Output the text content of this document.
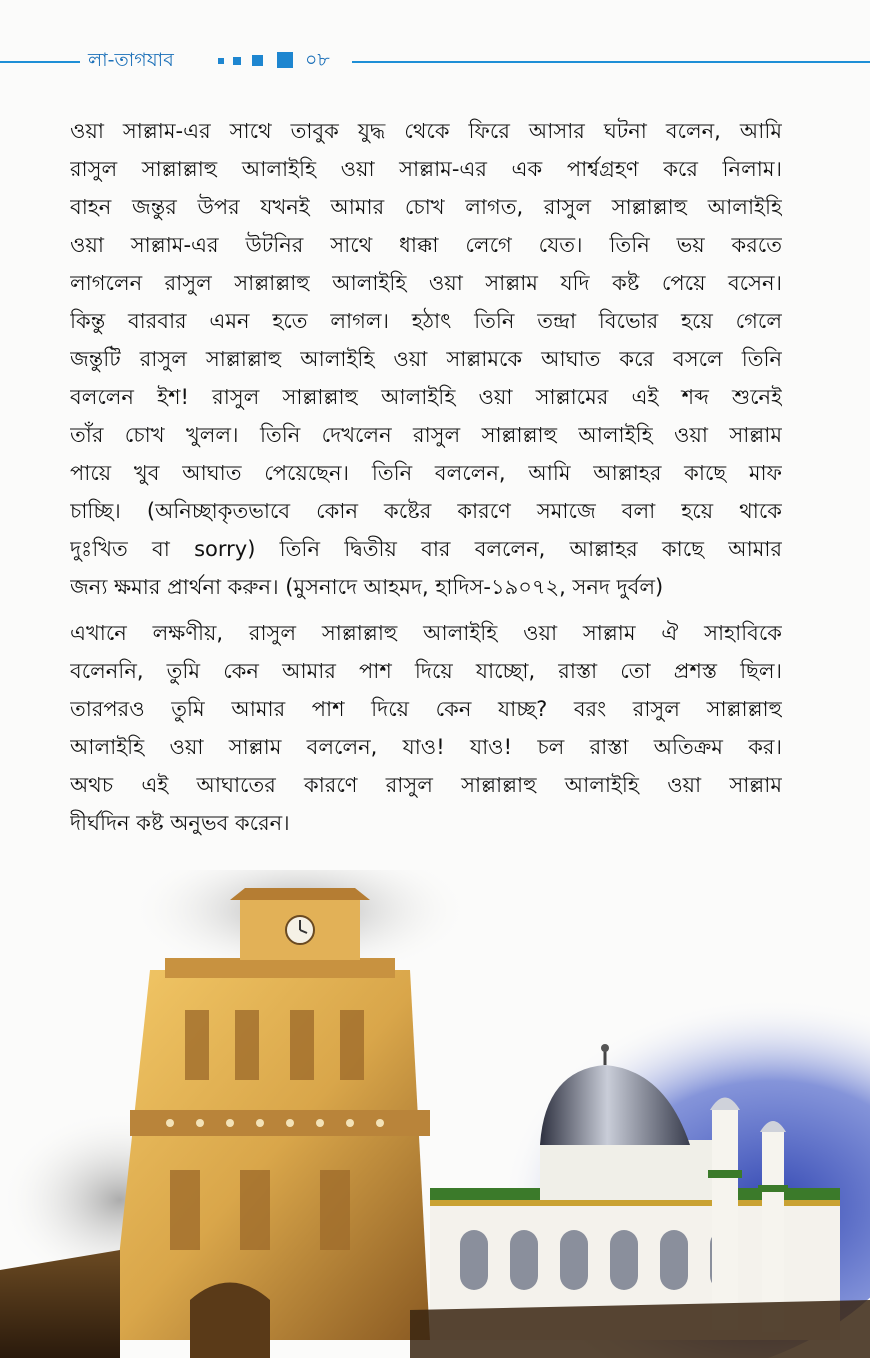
লা-তাগযাব	০৮
ওয়া সাল্লাম-এর সাথে তাবুক যুদ্ধ থেকে ফিরে আসার ঘটনা বলেন, আমি
রাসুল সাল্লাল্লাহু আলাইহি ওয়া সাল্লাম-এর এক পার্শ্বগ্রহণ করে নিলাম।
বাহন জন্তুর উপর যখনই আমার চোখ লাগত, রাসুল সাল্লাল্লাহু আলাইহি
ওয়া সাল্লাম-এর উটনির সাথে ধাক্কা লেগে যেত। তিনি ভয় করতে
লাগলেন রাসুল সাল্লাল্লাহু আলাইহি ওয়া সাল্লাম যদি কষ্ট পেয়ে বসেন।
কিন্তু বারবার এমন হতে লাগল। হঠাৎ তিনি তন্দ্রা বিভোর হয়ে গেলে
জন্তুটি রাসুল সাল্লাল্লাহু আলাইহি ওয়া সাল্লামকে আঘাত করে বসলে তিনি
বললেন ইশ! রাসুল সাল্লাল্লাহু আলাইহি ওয়া সাল্লামের এই শব্দ শুনেই
তাঁর চোখ খুলল। তিনি দেখলেন রাসুল সাল্লাল্লাহু আলাইহি ওয়া সাল্লাম
পায়ে খুব আঘাত পেয়েছেন। তিনি বললেন, আমি আল্লাহর কাছে মাফ
চাচ্ছি। (অনিচ্ছাকৃতভাবে কোন কষ্টের কারণে সমাজে বলা হয়ে থাকে
দুঃখিত বা sorry) তিনি দ্বিতীয় বার বললেন, আল্লাহর কাছে আমার
জন্য ক্ষমার প্রার্থনা করুন। (মুসনাদে আহমদ, হাদিস-১৯০৭২, সনদ দুর্বল)
এখানে লক্ষণীয়, রাসুল সাল্লাল্লাহু আলাইহি ওয়া সাল্লাম ঐ সাহাবিকে
বলেননি, তুমি কেন আমার পাশ দিয়ে যাচ্ছো, রাস্তা তো প্রশস্ত ছিল।
তারপরও তুমি আমার পাশ দিয়ে কেন যাচ্ছ? বরং রাসুল সাল্লাল্লাহু
আলাইহি ওয়া সাল্লাম বললেন, যাও! যাও! চল রাস্তা অতিক্রম কর।
অথচ এই আঘাতের কারণে রাসুল সাল্লাল্লাহু আলাইহি ওয়া সাল্লাম
দীর্ঘদিন কষ্ট অনুভব করেন।
